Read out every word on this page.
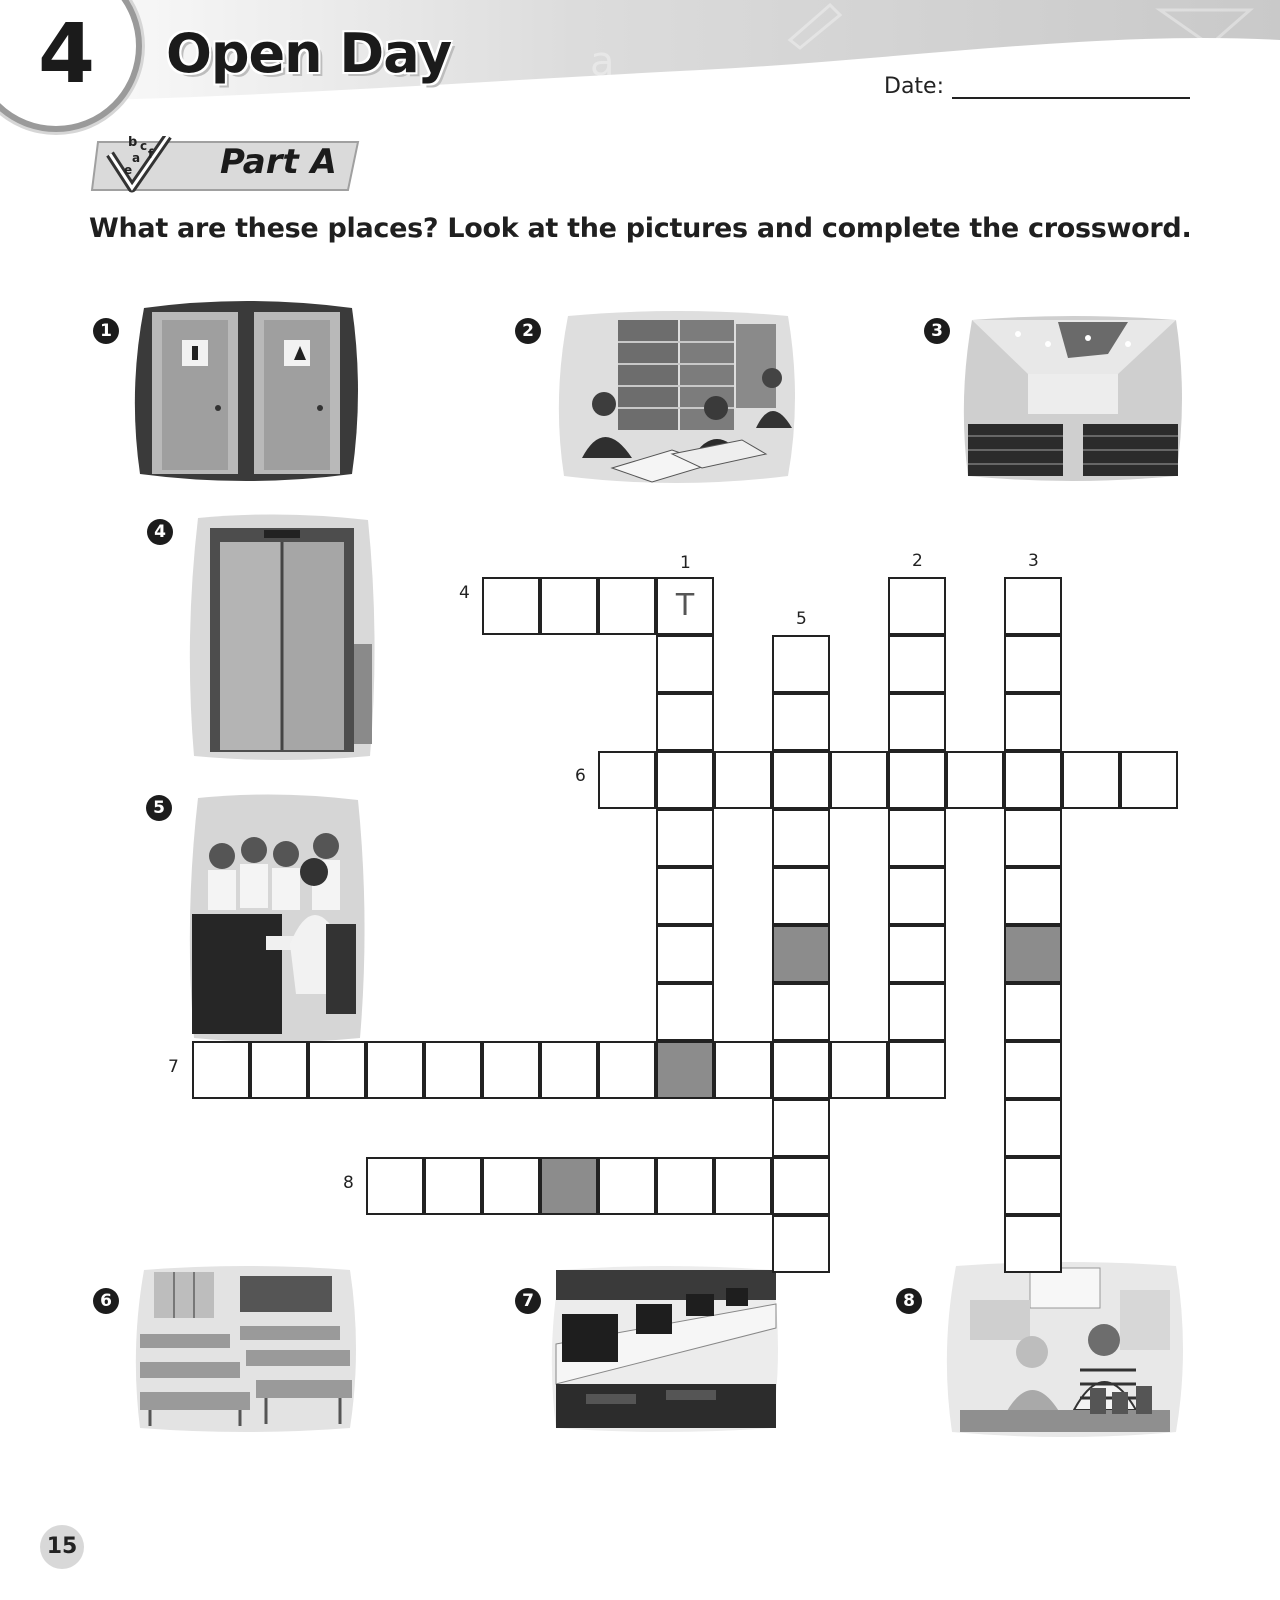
a
4 Open Day
Date:
b c
a f
e	Part A
What are these places? Look at the pictures and complete the crossword.
1	2	3
4
5
6	7	8
T
1	2	3
4
5
6
7
8
15
